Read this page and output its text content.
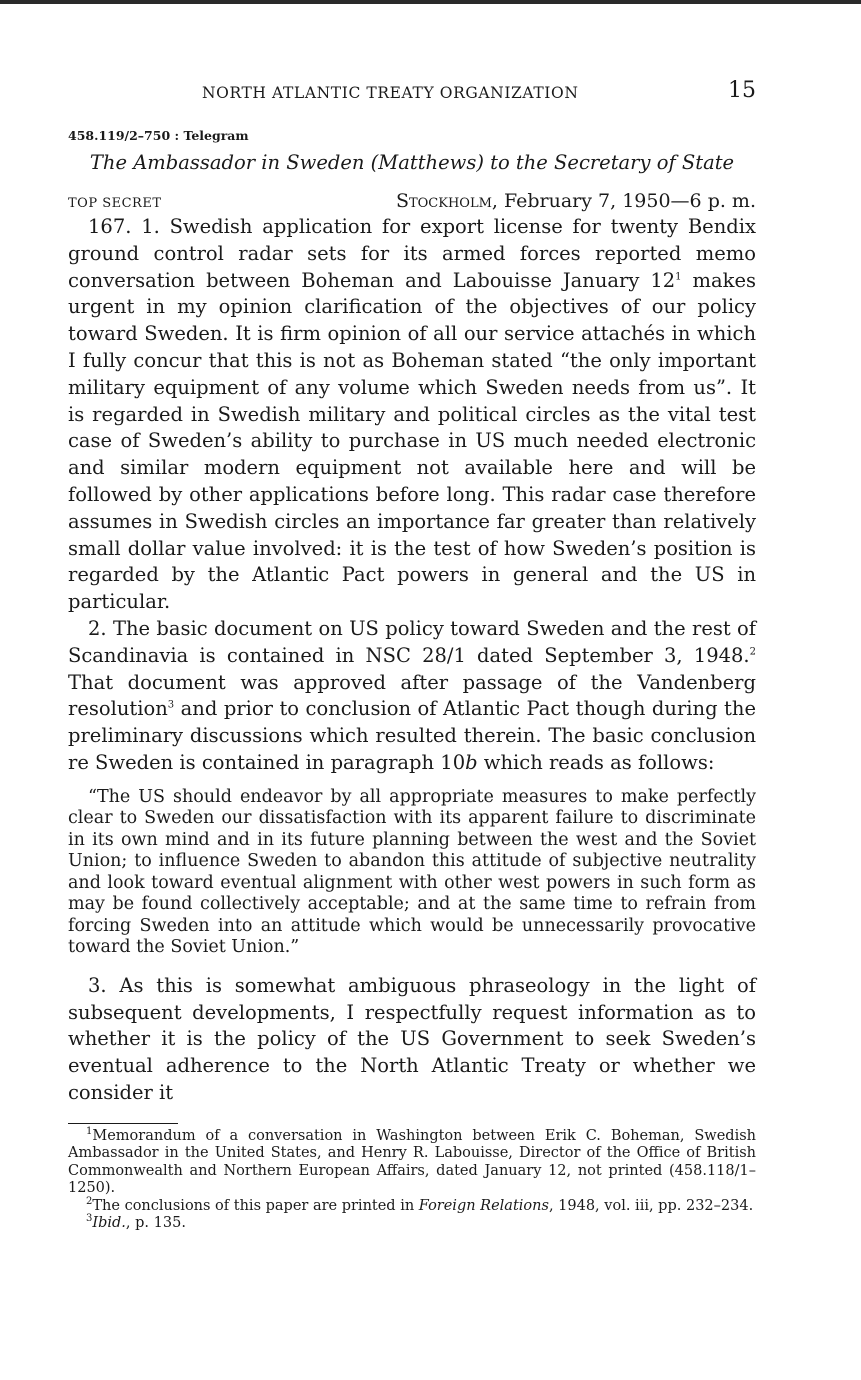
NORTH ATLANTIC TREATY ORGANIZATION	15
458.119/2–750 : Telegram
The Ambassador in Sweden (Matthews) to the Secretary of State
TOP SECRET	Stockholm, February 7, 1950—6 p. m.

167. 1. Swedish application for export license for twenty Bendix ground control radar sets for its armed forces reported memo conversation between Boheman and Labouisse January $12^1$ makes urgent in my opinion clarification of the objectives of our policy toward Sweden. It is firm opinion of all our service attachés in which I fully concur that this is not as Boheman stated “the only important military equipment of any volume which Sweden needs from us”. It is regarded in Swedish military and political circles as the vital test case of Sweden’s ability to purchase in US much needed electronic and similar modern equipment not available here and will be followed by other applications before long. This radar case therefore assumes in Swedish circles an importance far greater than relatively small dollar value involved: it is the test of how Sweden’s position is regarded by the Atlantic Pact powers in general and the US in particular.

2. The basic document on US policy toward Sweden and the rest of Scandinavia is contained in NSC 28/1 dated September 3, 1948.$^2$ That document was approved after passage of the Vandenberg resolution$^3$ and prior to conclusion of Atlantic Pact though during the preliminary discussions which resulted therein. The basic conclusion re Sweden is contained in paragraph 10b which reads as follows:

“The US should endeavor by all appropriate measures to make perfectly clear to Sweden our dissatisfaction with its apparent failure to discriminate in its own mind and in its future planning between the west and the Soviet Union; to influence Sweden to abandon this attitude of subjective neutrality and look toward eventual alignment with other west powers in such form as may be found collectively acceptable; and at the same time to refrain from forcing Sweden into an attitude which would be unnecessarily provocative toward the Soviet Union.”

3. As this is somewhat ambiguous phraseology in the light of subsequent developments, I respectfully request information as to whether it is the policy of the US Government to seek Sweden’s eventual adherence to the North Atlantic Treaty or whether we consider it

$^1$Memorandum of a conversation in Washington between Erik C. Boheman, Swedish Ambassador in the United States, and Henry R. Labouisse, Director of the Office of British Commonwealth and Northern European Affairs, dated January 12, not printed (458.118/1–1250).

$^2$The conclusions of this paper are printed in Foreign Relations, 1948, vol. iii, pp. 232–234.

$^3$Ibid., p. 135.
